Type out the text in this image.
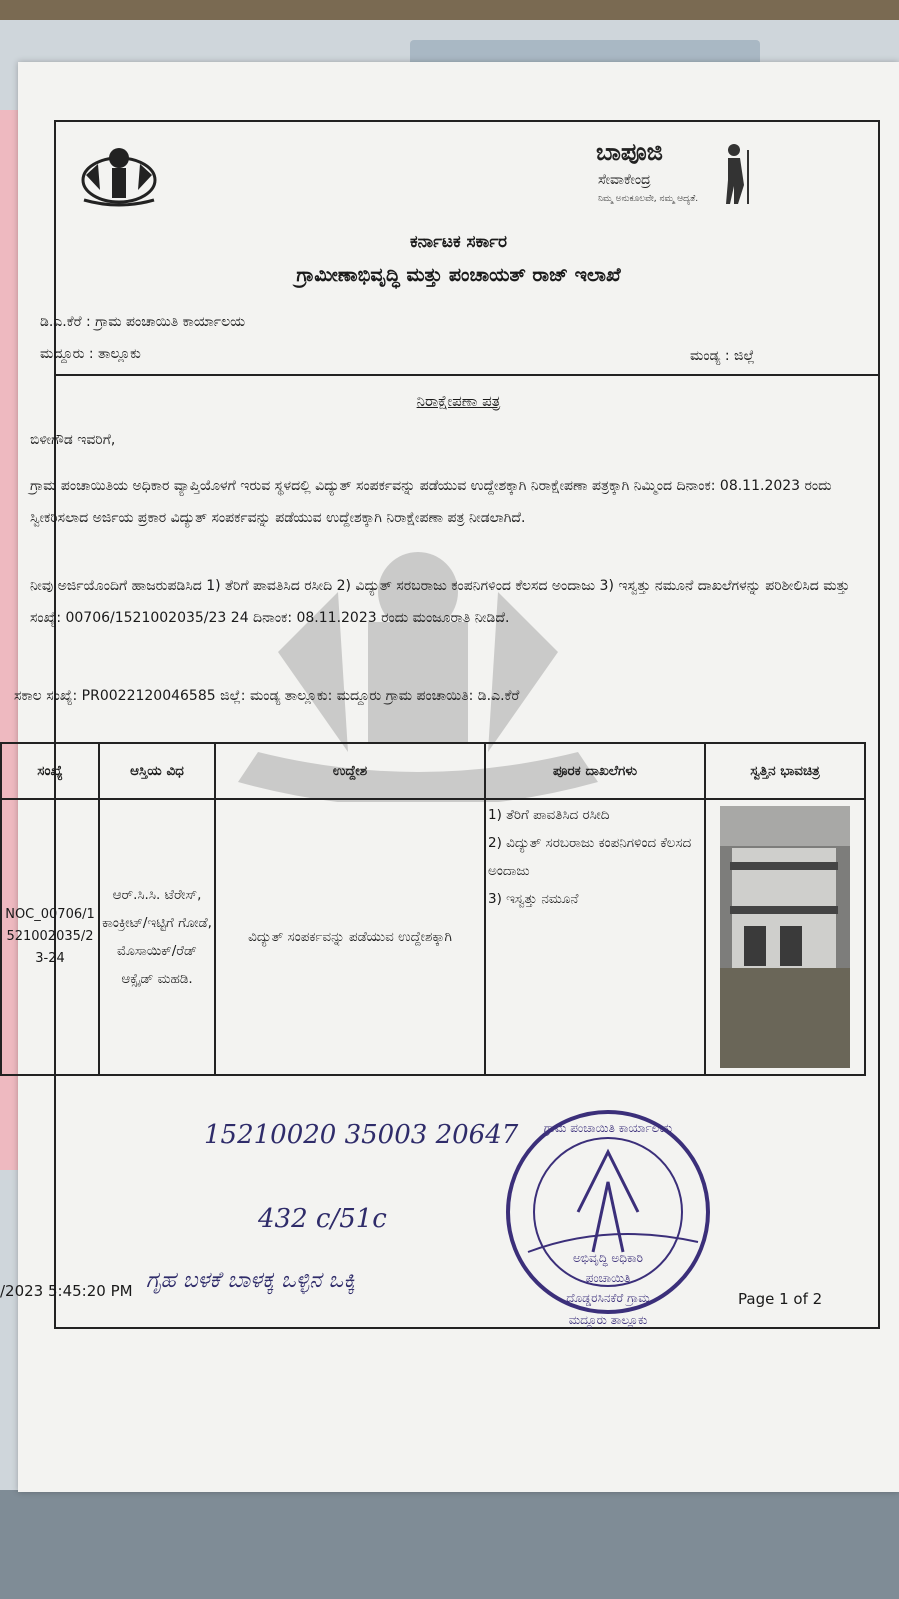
ಬಾಪೂಜಿ
ಸೇವಾಕೇಂದ್ರ
ನಿಮ್ಮ ಅನುಕೂಲವೇ, ನಮ್ಮ ಆದ್ಯತೆ.
ಕರ್ನಾಟಕ ಸರ್ಕಾರ
ಗ್ರಾಮೀಣಾಭಿವೃದ್ಧಿ ಮತ್ತು ಪಂಚಾಯತ್ ರಾಜ್ ಇಲಾಖೆ
ಡಿ.ಎ.ಕೆರೆ : ಗ್ರಾಮ ಪಂಚಾಯಿತಿ ಕಾರ್ಯಾಲಯ
ಮದ್ದೂರು : ತಾಲ್ಲೂಕು	ಮಂಡ್ಯ : ಜಿಲ್ಲೆ
ನಿರಾಕ್ಷೇಪಣಾ ಪತ್ರ
ಬಿಳೀಗೌಡ ಇವರಿಗೆ,
ಗ್ರಾಮ ಪಂಚಾಯಿತಿಯ ಅಧಿಕಾರ ವ್ಯಾಪ್ತಿಯೊಳಗೆ ಇರುವ ಸ್ಥಳದಲ್ಲಿ ವಿದ್ಯುತ್ ಸಂಪರ್ಕವನ್ನು ಪಡೆಯುವ ಉದ್ದೇಶಕ್ಕಾಗಿ ನಿರಾಕ್ಷೇಪಣಾ ಪತ್ರಕ್ಕಾಗಿ ನಿಮ್ಮಿಂದ ದಿನಾಂಕ: 08.11.2023 ರಂದು ಸ್ವೀಕರಿಸಲಾದ ಅರ್ಜಿಯ ಪ್ರಕಾರ ವಿದ್ಯುತ್ ಸಂಪರ್ಕವನ್ನು ಪಡೆಯುವ ಉದ್ದೇಶಕ್ಕಾಗಿ ನಿರಾಕ್ಷೇಪಣಾ ಪತ್ರ ನೀಡಲಾಗಿದೆ.
ನೀವು ಅರ್ಜಿಯೊಂದಿಗೆ ಹಾಜರುಪಡಿಸಿದ 1) ತೆರಿಗೆ ಪಾವತಿಸಿದ ರಸೀದಿ 2) ವಿದ್ಯುತ್ ಸರಬರಾಜು ಕಂಪನಿಗಳಿಂದ ಕೆಲಸದ ಅಂದಾಜು 3) ಇಸ್ವತ್ತು ನಮೂನೆ ದಾಖಲೆಗಳನ್ನು ಪರಿಶೀಲಿಸಿದ ಮತ್ತು ಸಂಖ್ಯೆ: 00706/1521002035/23 24 ದಿನಾಂಕ: 08.11.2023 ರಂದು ಮಂಜೂರಾತಿ ನೀಡಿದೆ.
ಸಕಾಲ ಸಂಖ್ಯೆ: PR0022120046585 ಜಿಲ್ಲೆ: ಮಂಡ್ಯ ತಾಲ್ಲೂಕು: ಮದ್ದೂರು ಗ್ರಾಮ ಪಂಚಾಯಿತಿ: ಡಿ.ಎ.ಕೆರೆ
ಸಂಖ್ಯೆ	ಆಸ್ತಿಯ ವಿಧ	ಉದ್ದೇಶ	ಪೂರಕ ದಾಖಲೆಗಳು	ಸ್ವತ್ತಿನ ಭಾವಚಿತ್ರ
NOC_00706/1521002035/23-24	ಆರ್.ಸಿ.ಸಿ. ಟೆರೇಸ್, ಕಾಂಕ್ರೀಟ್/ಇಟ್ಟಿಗೆ ಗೋಡೆ, ಮೊಸಾಯಿಕ್/ರೆಡ್ ಆಕ್ಸೈಡ್ ಮಹಡಿ.	ವಿದ್ಯುತ್ ಸಂಪರ್ಕವನ್ನು ಪಡೆಯುವ ಉದ್ದೇಶಕ್ಕಾಗಿ	1) ತೆರಿಗೆ ಪಾವತಿಸಿದ ರಸೀದಿ
2) ವಿದ್ಯುತ್ ಸರಬರಾಜು ಕಂಪನಿಗಳಿಂದ ಕೆಲಸದ ಅಂದಾಜು
3) ಇಸ್ವತ್ತು ನಮೂನೆ

15210020 35003 20647
432 c/51c
ಗೃಹ ಬಳಕೆ ಬಾಳಕ್ಕ ಒಳ್ಳಿನ ಒಕ್ಕಿ
/2023 5:45:20 PM	Page 1 of 2
ಗ್ರಾಮ ಪಂಚಾಯಿತಿ ಕಾರ್ಯಾಲಯ
ಅಭಿವೃದ್ಧಿ ಅಧಿಕಾರಿ
ಪಂಚಾಯಿತಿ
ದೊಡ್ಡರಸಿನಕೆರೆ ಗ್ರಾಮ
ಮದ್ದೂರು ತಾಲ್ಲೂಕು
